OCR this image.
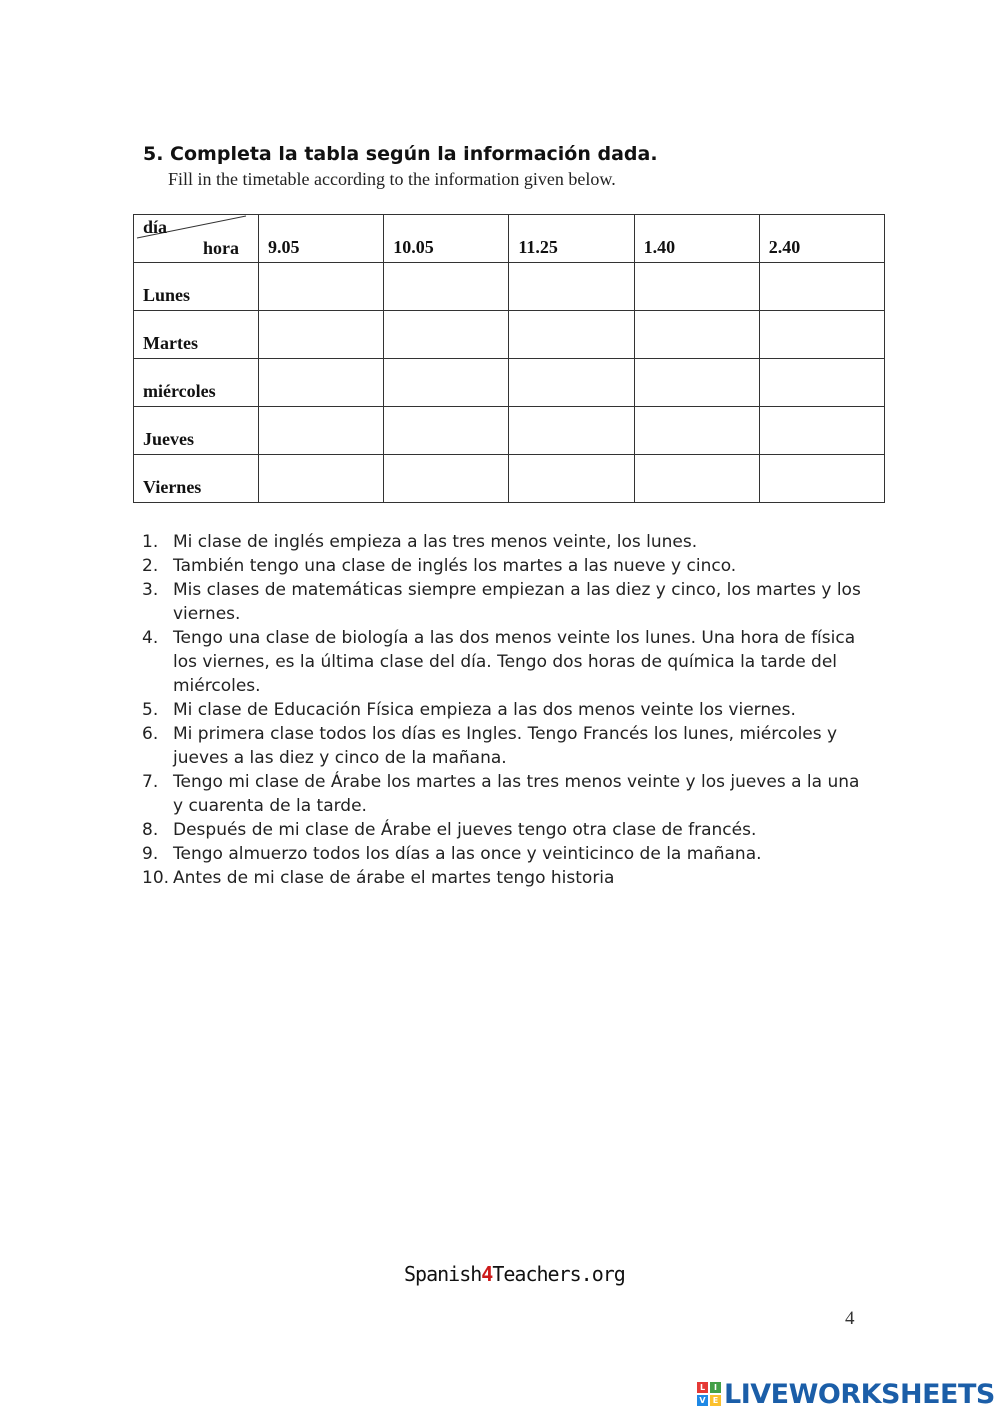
5. Completa la tabla según la información dada.
Fill in the timetable according to the information given below.
día
hora	9.05	10.05	11.25	1.40	2.40
Lunes					
Martes					
miércoles					
Jueves					
Viernes					
1. Mi clase de inglés empieza a las tres menos veinte, los lunes.
2. También tengo una clase de inglés los martes a las nueve y cinco.
3. Mis clases de matemáticas siempre empiezan a las diez y cinco, los martes y los viernes.
4. Tengo una clase de biología a las dos menos veinte los lunes. Una hora de física los viernes, es la última clase del día. Tengo dos horas de química la tarde del miércoles.
5. Mi clase de Educación Física empieza a las dos menos veinte los viernes.
6. Mi primera clase todos los días es Ingles. Tengo Francés los lunes, miércoles y jueves a las diez y cinco de la mañana.
7. Tengo mi clase de Árabe los martes a las tres menos veinte y los jueves a la una y cuarenta de la tarde.
8. Después de mi clase de Árabe el jueves tengo otra clase de francés.
9. Tengo almuerzo todos los días a las once y veinticinco de la mañana.
10. Antes de mi clase de árabe el martes tengo historia
Spanish4Teachers.org
4
L	I
V E LIVEWORKSHEETS
